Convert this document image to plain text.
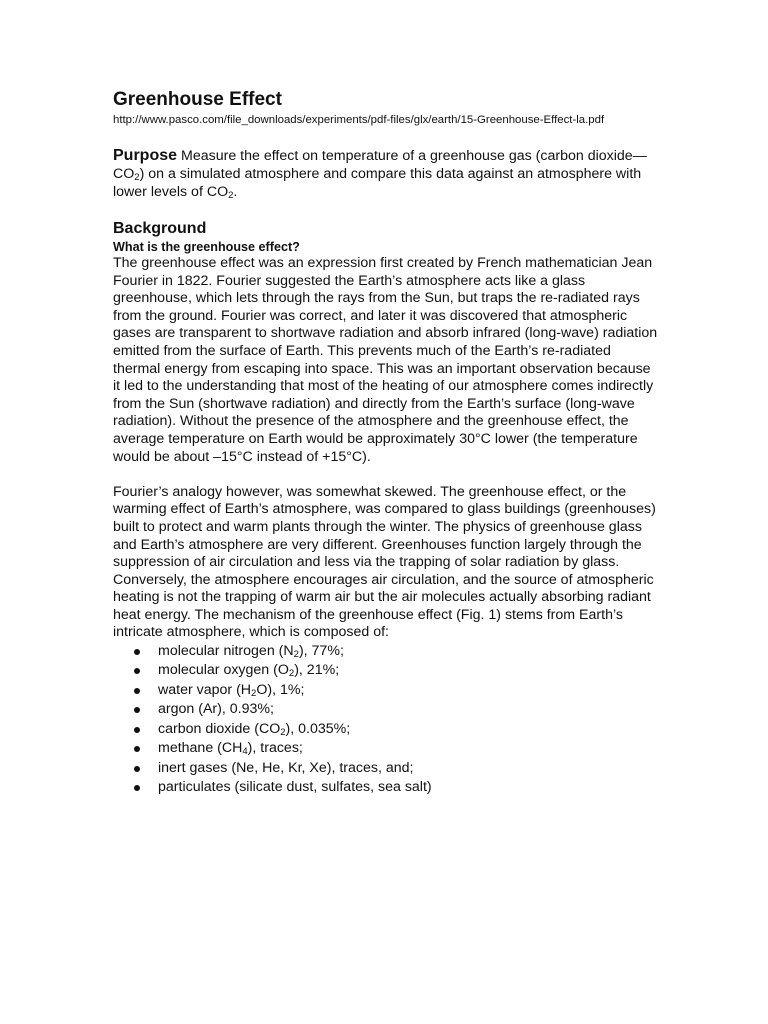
Greenhouse Effect
http://www.pasco.com/file_downloads/experiments/pdf-files/glx/earth/15-Greenhouse-Effect-la.pdf

Purpose Measure the effect on temperature of a greenhouse gas (carbon $dioxide—CO_2$) on a simulated atmosphere and compare this data against an atmosphere with lower levels of $CO_2$.

Background
What is the greenhouse effect?

The greenhouse effect was an expression first created by French mathematician Jean Fourier in 1822. Fourier suggested the Earth’s atmosphere acts like a glass greenhouse, which lets through the rays from the Sun, but traps the re-radiated rays from the ground. Fourier was correct, and later it was discovered that atmospheric gases are transparent to shortwave radiation and absorb infrared (long-wave) radiation emitted from the surface of Earth. This prevents much of the Earth’s re-radiated thermal energy from escaping into space. This was an important observation because it led to the understanding that most of the heating of our atmosphere comes indirectly from the Sun (shortwave radiation) and directly from the Earth’s surface (long-wave radiation). Without the presence of the atmosphere and the greenhouse effect, the average temperature on Earth would be approximately 30°C lower (the temperature would be about –15°C instead of +15°C).

Fourier’s analogy however, was somewhat skewed. The greenhouse effect, or the warming effect of Earth’s atmosphere, was compared to glass buildings (greenhouses) built to protect and warm plants through the winter. The physics of greenhouse glass and Earth’s atmosphere are very different. Greenhouses function largely through the suppression of air circulation and less via the trapping of solar radiation by glass. Conversely, the atmosphere encourages air circulation, and the source of atmospheric heating is not the trapping of warm air but the air molecules actually absorbing radiant heat energy. The mechanism of the greenhouse effect (Fig. 1) stems from Earth’s intricate atmosphere, which is composed of:

molecular nitrogen $(N_2)$, 77%;
molecular oxygen $(O_2)$, 21%;
water vapor $(H_2O)$, 1%;
argon (Ar), 0.93%;
carbon dioxide $(CO_2)$, 0.035%;
methane $(CH_4)$, traces;
inert gases (Ne, He, Kr, Xe), traces, and;
particulates (silicate dust, sulfates, sea salt)
